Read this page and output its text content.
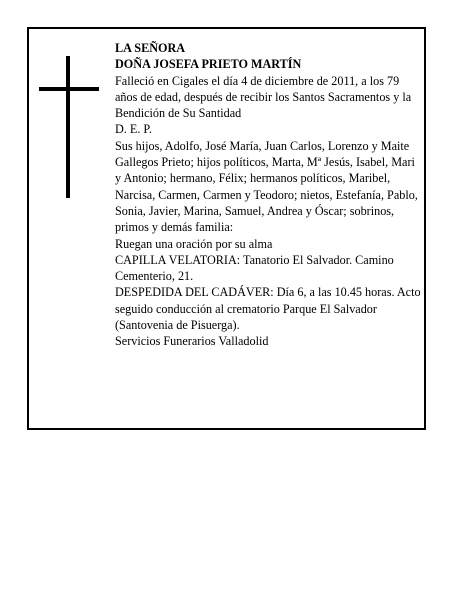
LA SEÑORA

DOÑA JOSEFA PRIETO MARTÍN

Falleció en Cigales el día 4 de diciembre de 2011, a los 79 años de edad, después de recibir los Santos Sacramentos y la Bendición de Su Santidad

D. E. P.

Sus hijos, Adolfo, José María, Juan Carlos, Lorenzo y Maite Gallegos Prieto; hijos políticos, Marta, Mª Jesús, Isabel, Mari y Antonio; hermano, Félix; hermanos políticos, Maribel, Narcisa, Carmen, Carmen y Teodoro; nietos, Estefanía, Pablo, Sonia, Javier, Marina, Samuel, Andrea y Óscar; sobrinos, primos y demás familia:

Ruegan una oración por su alma

CAPILLA VELATORIA: Tanatorio El Salvador. Camino Cementerio, 21.

DESPEDIDA DEL CADÁVER: Día 6, a las 10.45 horas. Acto seguido conducción al crematorio Parque El Salvador (Santovenia de Pisuerga).

Servicios Funerarios Valladolid
